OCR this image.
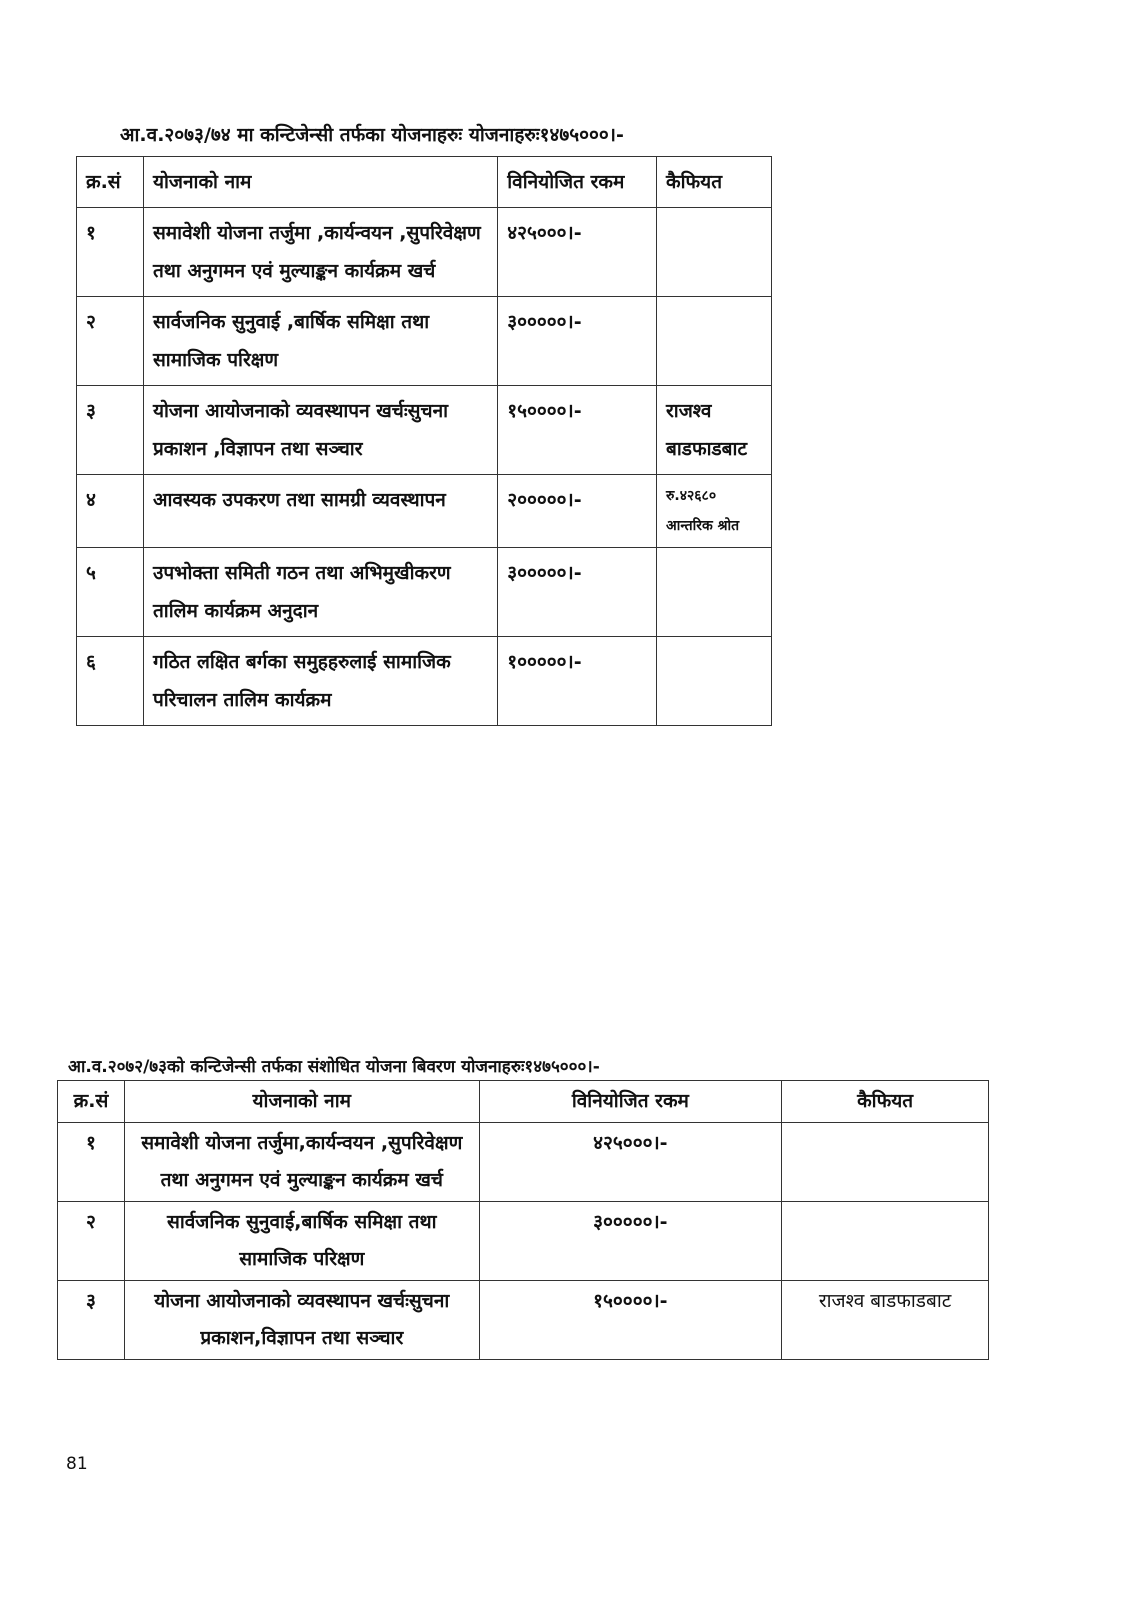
आ.व.२०७३/७४ मा कन्टिजेन्सी तर्फका योजनाहरुः योजनाहरुः१४७५०००।-
क्र.सं	योजनाको नाम	विनियोजित रकम	कैफियत
१	समावेशी योजना तर्जुमा ,कार्यन्वयन ,सुपरिवेक्षण तथा अनुगमन एवं मुल्याङ्कन कार्यक्रम खर्च	४२५०००।-	
२	सार्वजनिक सुनुवाई ,बार्षिक समिक्षा तथा सामाजिक परिक्षण	३०००००।-	
३	योजना आयोजनाको व्यवस्थापन खर्चःसुचना प्रकाशन ,विज्ञापन तथा सञ्चार	१५००००।-	राजश्व बाडफाडबाट
४	आवस्यक उपकरण तथा सामग्री व्यवस्थापन	२०००००।-	रु.४२६८० आन्तरिक श्रोत
५	उपभोक्ता समिती गठन तथा अभिमुखीकरण तालिम कार्यक्रम अनुदान	३०००००।-	
६	गठित लक्षित बर्गका समुहहरुलाई सामाजिक परिचालन तालिम कार्यक्रम	१०००००।-	
आ.व.२०७२/७३को कन्टिजेन्सी तर्फका संशोधित योजना बिवरण योजनाहरुः१४७५०००।-
क्र.सं	योजनाको नाम	विनियोजित रकम	कैफियत
१	समावेशी योजना तर्जुमा,कार्यन्वयन ,सुपरिवेक्षण तथा अनुगमन एवं मुल्याङ्कन कार्यक्रम खर्च	४२५०००।-	
२	सार्वजनिक सुनुवाई,बार्षिक समिक्षा तथा सामाजिक परिक्षण	३०००००।-	
३	योजना आयोजनाको व्यवस्थापन खर्चःसुचना प्रकाशन,विज्ञापन तथा सञ्चार	१५००००।-	राजश्व बाडफाडबाट
81
